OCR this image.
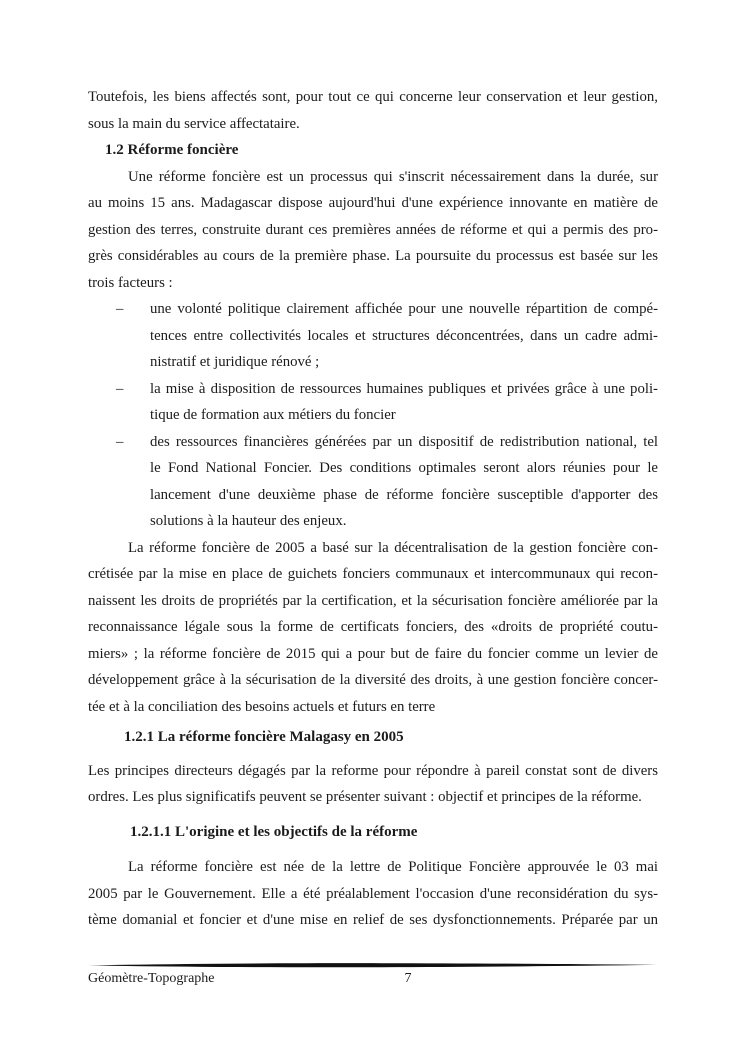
Toutefois, les biens affectés sont, pour tout ce qui concerne leur conservation et leur gestion,
sous la main du service affectataire.
1.2 Réforme foncière
Une réforme foncière est un processus qui s'inscrit nécessairement dans la durée, sur
au moins 15 ans. Madagascar dispose aujourd'hui d'une expérience innovante en matière de
gestion des terres, construite durant ces premières années de réforme et qui a permis des pro-
grès considérables au cours de la première phase. La poursuite du processus est basée sur les
trois facteurs :
– une volonté politique clairement affichée pour une nouvelle répartition de compé-
tences entre collectivités locales et structures déconcentrées, dans un cadre admi-
nistratif et juridique rénové ;
– la mise à disposition de ressources humaines publiques et privées grâce à une poli-
tique de formation aux métiers du foncier
– des ressources financières générées par un dispositif de redistribution national, tel
le Fond National Foncier. Des conditions optimales seront alors réunies pour le
lancement d'une deuxième phase de réforme foncière susceptible d'apporter des
solutions à la hauteur des enjeux.
La réforme foncière de 2005 a basé sur la décentralisation de la gestion foncière con-
crétisée par la mise en place de guichets fonciers communaux et intercommunaux qui recon-
naissent les droits de propriétés par la certification, et la sécurisation foncière améliorée par la
reconnaissance légale sous la forme de certificats fonciers, des «droits de propriété coutu-
miers» ; la réforme foncière de 2015 qui a pour but de faire du foncier comme un levier de
développement grâce à la sécurisation de la diversité des droits, à une gestion foncière concer-
tée et à la conciliation des besoins actuels et futurs en terre
1.2.1 La réforme foncière Malagasy en 2005
Les principes directeurs dégagés par la reforme pour répondre à pareil constat sont de divers
ordres. Les plus significatifs peuvent se présenter suivant : objectif et principes de la réforme.
1.2.1.1 L'origine et les objectifs de la réforme
La réforme foncière est née de la lettre de Politique Foncière approuvée le 03 mai
2005 par le Gouvernement. Elle a été préalablement l'occasion d'une reconsidération du sys-
tème domanial et foncier et d'une mise en relief de ses dysfonctionnements. Préparée par un
Géomètre-Topographe	7
